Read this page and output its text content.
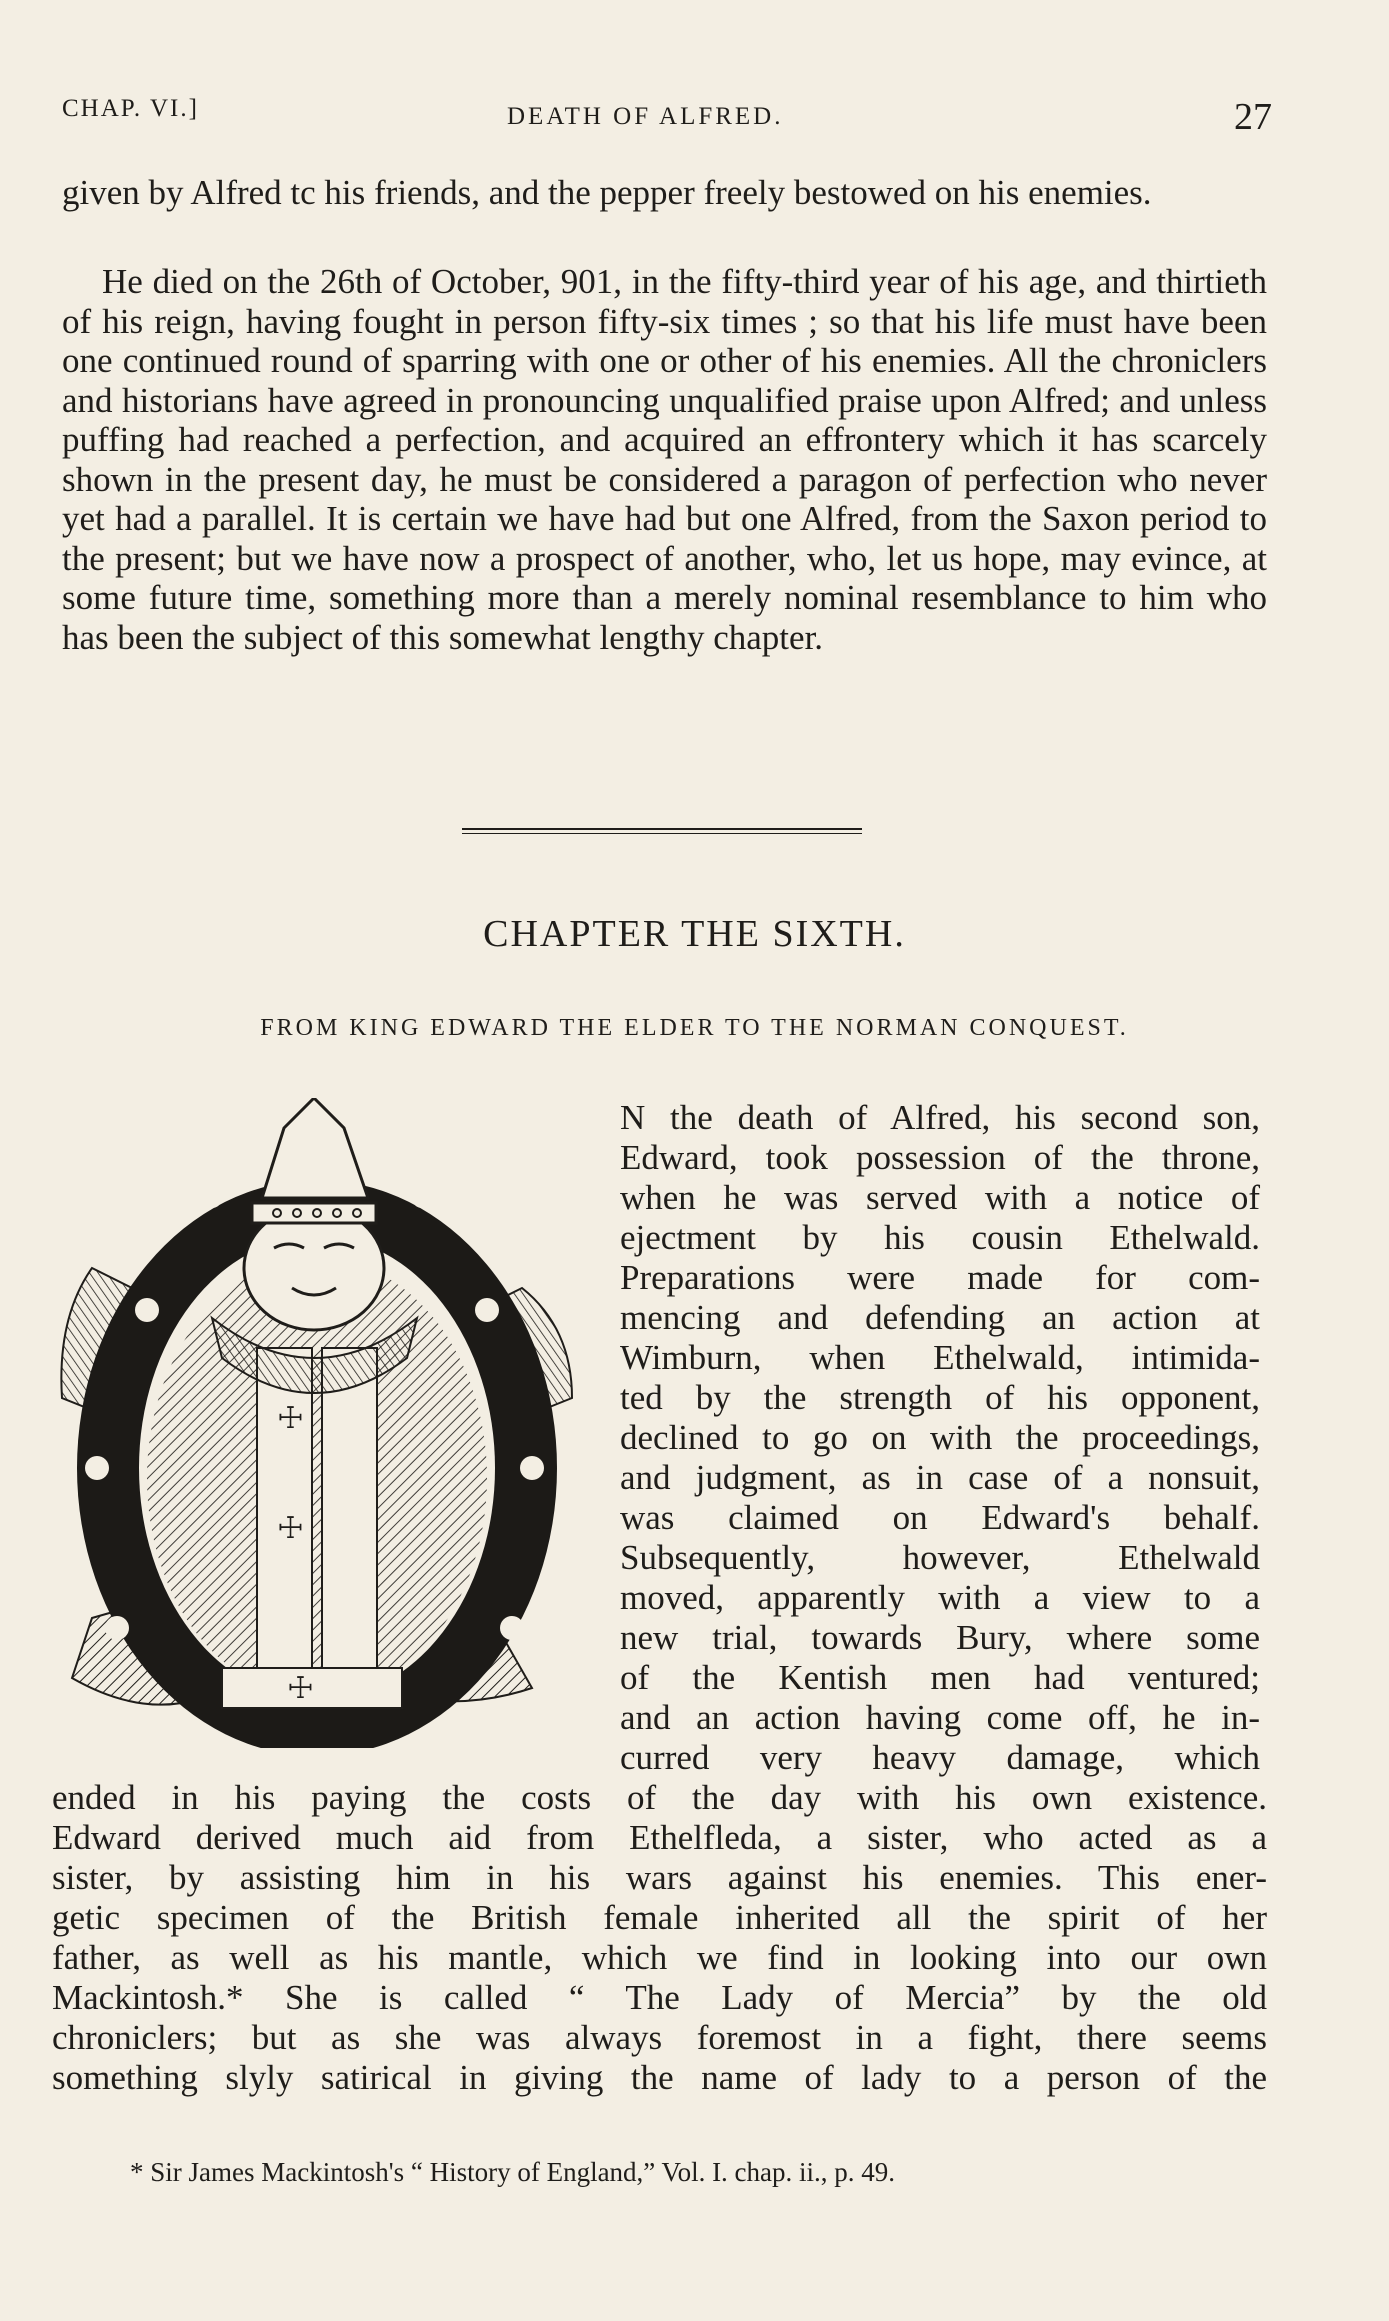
CHAP. VI.]	DEATH OF ALFRED.	27

given by Alfred tc his friends, and the pepper freely bestowed on his enemies.

He died on the 26th of October, 901, in the fifty-third year of his age, and thirtieth of his reign, having fought in person fifty-six times ; so that his life must have been one continued round of sparring with one or other of his enemies. All the chroniclers and historians have agreed in pronouncing unqualified praise upon Alfred; and unless puffing had reached a perfection, and acquired an effrontery which it has scarcely shown in the present day, he must be considered a paragon of perfection who never yet had a parallel. It is certain we have had but one Alfred, from the Saxon period to the present; but we have now a prospect of another, who, let us hope, may evince, at some future time, something more than a merely nominal resemblance to him who has been the subject of this somewhat lengthy chapter.

CHAPTER THE SIXTH.
FROM KING EDWARD THE ELDER TO THE NORMAN CONQUEST.
☩
☩
☩
N the death of Alfred, his second son,
Edward, took possession of the throne,
when he was served with a notice of
ejectment by his cousin Ethelwald.
Preparations were made for com-
mencing and defending an action at
Wimburn, when Ethelwald, intimida-
ted by the strength of his opponent,
declined to go on with the proceedings,
and judgment, as in case of a nonsuit,
was claimed on Edward's behalf.
Subsequently, however, Ethelwald
moved, apparently with a view to a
new trial, towards Bury, where some
of the Kentish men had ventured;
and an action having come off, he in-
curred very heavy damage, which
ended in his paying the costs of the day with his own existence.
Edward derived much aid from Ethelfleda, a sister, who acted as a
sister, by assisting him in his wars against his enemies. This ener-
getic specimen of the British female inherited all the spirit of her
father, as well as his mantle, which we find in looking into our own
Mackintosh.* She is called “ The Lady of Mercia” by the old
chroniclers; but as she was always foremost in a fight, there seems
something slyly satirical in giving the name of lady to a person of the
* Sir James Mackintosh's “ History of England,” Vol. I. chap. ii., p. 49.
